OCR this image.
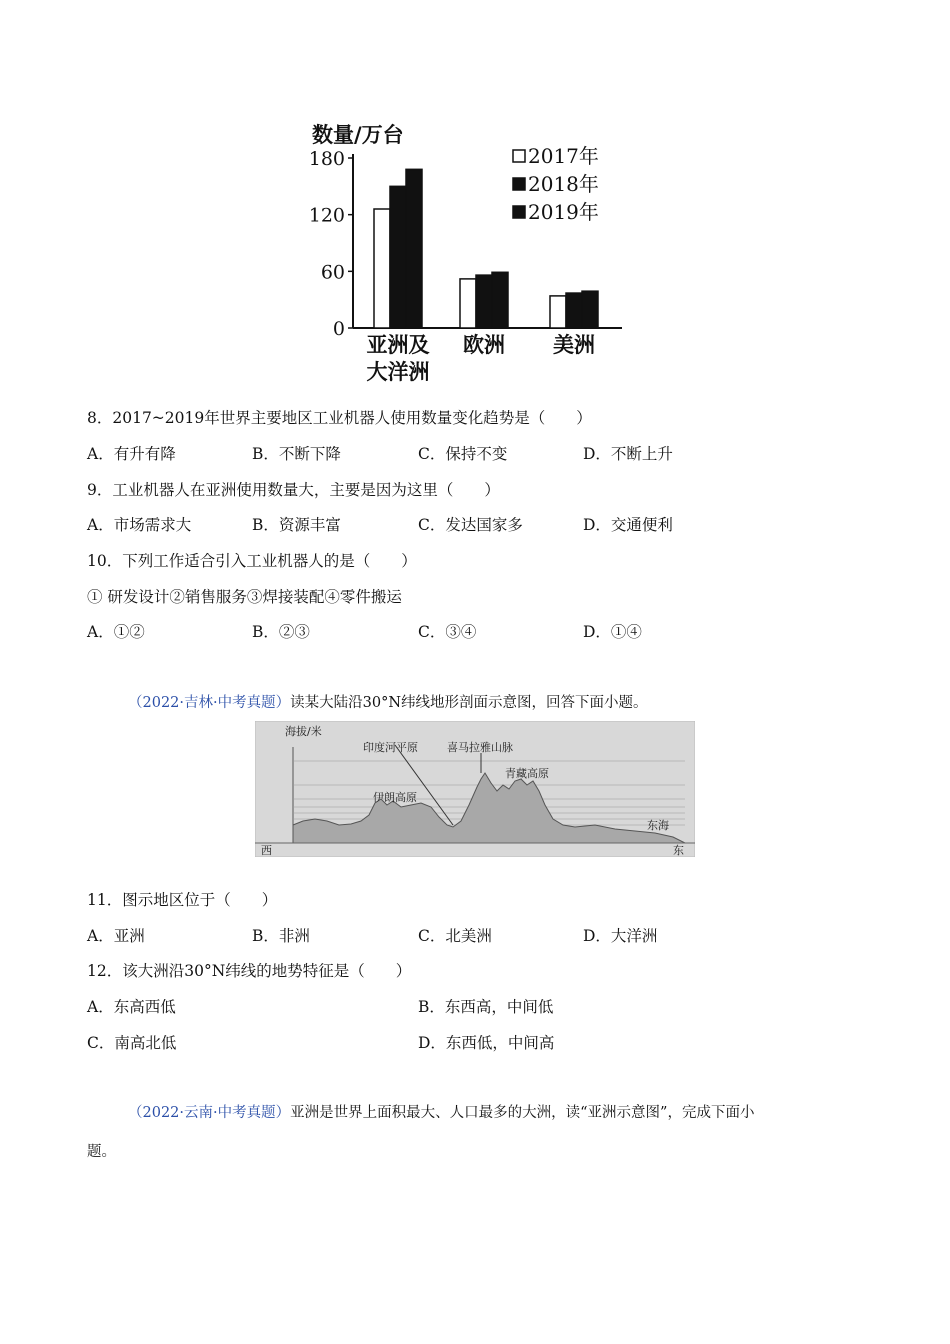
数量/万台
0
60
120
180
亚洲及
大洋洲
欧洲 美洲
2017年
2018年
2019年
8．2017~2019年世界主要地区工业机器人使用数量变化趋势是（　　）
A．有升有降	B．不断下降	C．保持不变	D．不断上升
9．工业机器人在亚洲使用数量大，主要是因为这里（　　）
A．市场需求大	B．资源丰富	C．发达国家多	D．交通便利
10．下列工作适合引入工业机器人的是（　　）
① 研发设计②销售服务③焊接装配④零件搬运
A．①②	B．②③	C．③④	D．①④
（2022·吉林·中考真题）读某大陆沿30°N纬线地形剖面示意图，回答下面小题。
海拔/米
印度河平原	喜马拉雅山脉
青藏高原
伊朗高原
东海
西	东
11．图示地区位于（　　）
A．亚洲	B．非洲	C．北美洲	D．大洋洲
12．该大洲沿30°N纬线的地势特征是（　　）
A．东高西低	B．东西高，中间低
C．南高北低	D．东西低，中间高
（2022·云南·中考真题）亚洲是世界上面积最大、人口最多的大洲，读“亚洲示意图”，完成下面小
题。
